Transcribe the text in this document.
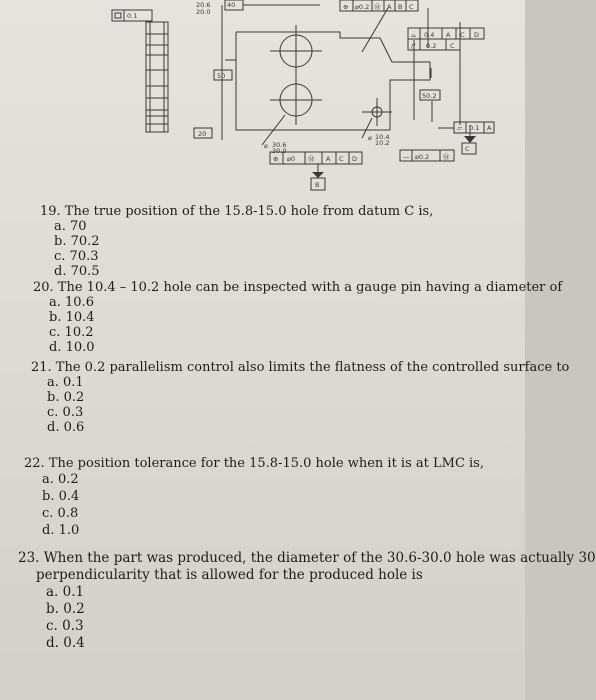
20.6
20.0
0.1
40	⊕ ⌀0.2 Ⓜ A B C
⌓ 0.4 A C D
// 0.2 C
50
50.2
20
⌀ 30.6
30.0
⊕ ⌀0 Ⓜ A C D
B
⌀ 10.4
10.2
— ⌀0.2 Ⓜ
▱ 0.1 A
C
19. The true position of the 15.8-15.0 hole from datum C is,
a. 70
b. 70.2
c. 70.3
d. 70.5
20. The 10.4 – 10.2 hole can be inspected with a gauge pin having a diameter of
a. 10.6
b. 10.4
c. 10.2
d. 10.0
21. The 0.2 parallelism control also limits the flatness of the controlled surface to
a. 0.1
b. 0.2
c. 0.3
d. 0.6
22. The position tolerance for the 15.8-15.0 hole when it is at LMC is,
a. 0.2
b. 0.4
c. 0.8
d. 1.0
23. When the part was produced, the diameter of the 30.6-30.0 hole was actually 30
perpendicularity that is allowed for the produced hole is
a. 0.1
b. 0.2
c. 0.3
d. 0.4
